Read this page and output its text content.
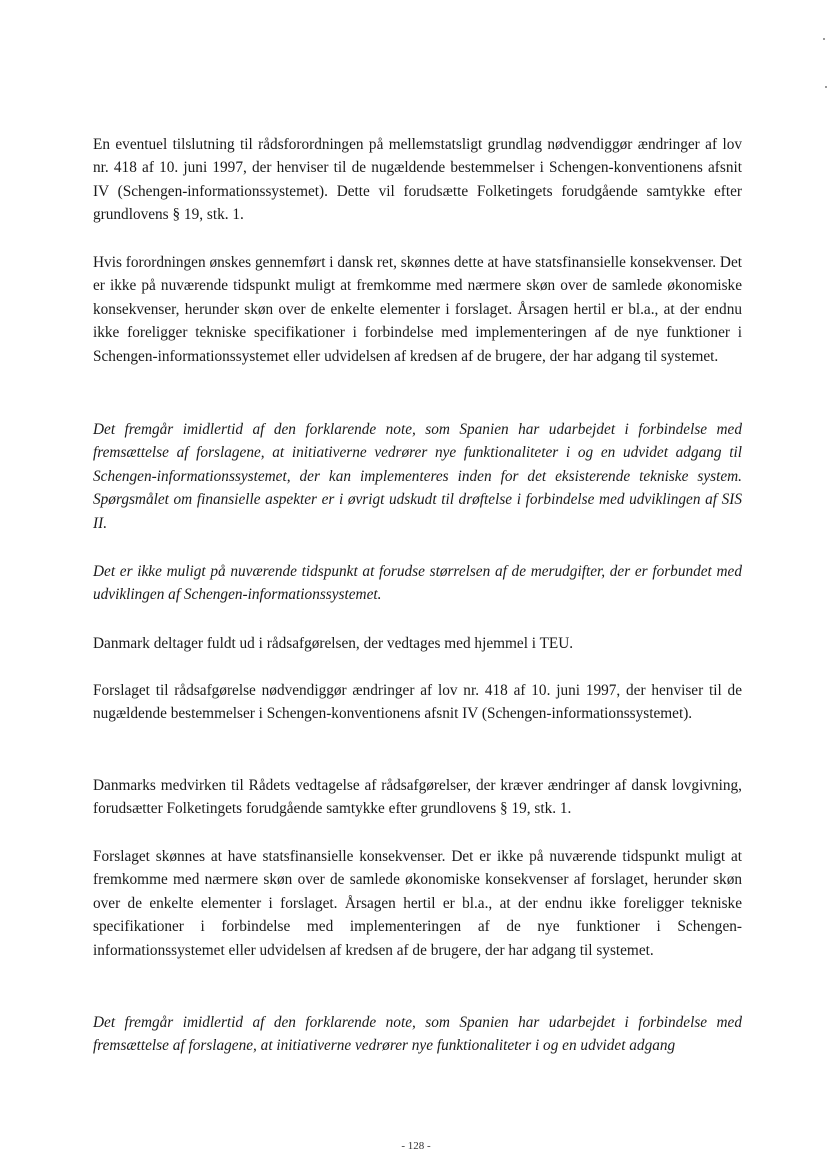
En eventuel tilslutning til rådsforordningen på mellemstatsligt grundlag nødvendiggør ændringer af lov nr. 418 af 10. juni 1997, der henviser til de nugældende bestemmelser i Schengen-konventionens afsnit IV (Schengen-informationssystemet). Dette vil forudsætte Folketingets forudgående samtykke efter grundlovens § 19, stk. 1.

Hvis forordningen ønskes gennemført i dansk ret, skønnes dette at have statsfinansielle konsekvenser. Det er ikke på nuværende tidspunkt muligt at fremkomme med nærmere skøn over de samlede økonomiske konsekvenser, herunder skøn over de enkelte elementer i forslaget. Årsagen hertil er bl.a., at der endnu ikke foreligger tekniske specifikationer i forbindelse med implementeringen af de nye funktioner i Schengen-informationssystemet eller udvidelsen af kredsen af de brugere, der har adgang til systemet.

Det fremgår imidlertid af den forklarende note, som Spanien har udarbejdet i forbindelse med fremsættelse af forslagene, at initiativerne vedrører nye funktionaliteter i og en udvidet adgang til Schengen-informationssystemet, der kan implementeres inden for det eksisterende tekniske system. Spørgsmålet om finansielle aspekter er i øvrigt udskudt til drøftelse i forbindelse med udviklingen af SIS II.

Det er ikke muligt på nuværende tidspunkt at forudse størrelsen af de merudgifter, der er forbundet med udviklingen af Schengen-informationssystemet.

Danmark deltager fuldt ud i rådsafgørelsen, der vedtages med hjemmel i TEU.

Forslaget til rådsafgørelse nødvendiggør ændringer af lov nr. 418 af 10. juni 1997, der henviser til de nugældende bestemmelser i Schengen-konventionens afsnit IV (Schengen-informationssystemet).

Danmarks medvirken til Rådets vedtagelse af rådsafgørelser, der kræver ændringer af dansk lovgivning, forudsætter Folketingets forudgående samtykke efter grundlovens § 19, stk. 1.

Forslaget skønnes at have statsfinansielle konsekvenser. Det er ikke på nuværende tidspunkt muligt at fremkomme med nærmere skøn over de samlede økonomiske konsekvenser af forslaget, herunder skøn over de enkelte elementer i forslaget. Årsagen hertil er bl.a., at der endnu ikke foreligger tekniske specifikationer i forbindelse med implementeringen af de nye funktioner i Schengen-informationssystemet eller udvidelsen af kredsen af de brugere, der har adgang til systemet.

Det fremgår imidlertid af den forklarende note, som Spanien har udarbejdet i forbindelse med fremsættelse af forslagene, at initiativerne vedrører nye funktionaliteter i og en udvidet adgang

- 128 -
